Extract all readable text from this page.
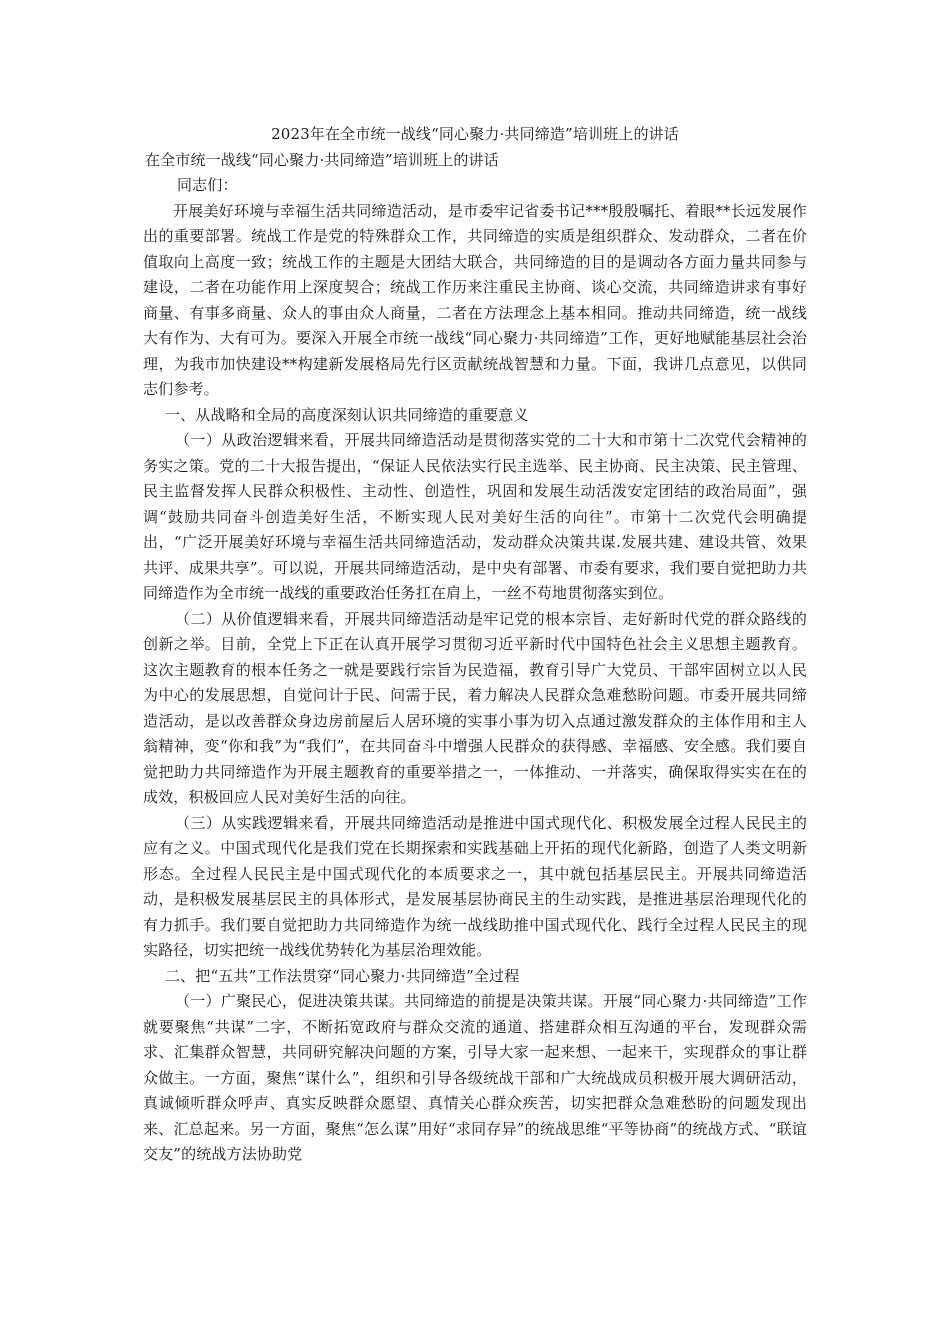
2023年在全市统一战线“同心聚力·共同缔造”培训班上的讲话

在全市统一战线“同心聚力·共同缔造”培训班上的讲话

同志们：

开展美好环境与幸福生活共同缔造活动，是市委牢记省委书记***殷殷嘱托、着眼**长远发展作出的重要部署。统战工作是党的特殊群众工作，共同缔造的实质是组织群众、发动群众，二者在价值取向上高度一致；统战工作的主题是大团结大联合，共同缔造的目的是调动各方面力量共同参与建设，二者在功能作用上深度契合；统战工作历来注重民主协商、谈心交流，共同缔造讲求有事好商量、有事多商量、众人的事由众人商量，二者在方法理念上基本相同。推动共同缔造，统一战线大有作为、大有可为。要深入开展全市统一战线“同心聚力·共同缔造”工作，更好地赋能基层社会治理，为我市加快建设**构建新发展格局先行区贡献统战智慧和力量。下面，我讲几点意见，以供同志们参考。

一、从战略和全局的高度深刻认识共同缔造的重要意义

（一）从政治逻辑来看，开展共同缔造活动是贯彻落实党的二十大和市第十二次党代会精神的务实之策。党的二十大报告提出，“保证人民依法实行民主选举、民主协商、民主决策、民主管理、民主监督发挥人民群众积极性、主动性、创造性，巩固和发展生动活泼安定团结的政治局面”，强调“鼓励共同奋斗创造美好生活，不断实现人民对美好生活的向往”。市第十二次党代会明确提出，“广泛开展美好环境与幸福生活共同缔造活动，发动群众决策共谋.发展共建、建设共管、效果共评、成果共享”。可以说，开展共同缔造活动，是中央有部署、市委有要求，我们要自觉把助力共同缔造作为全市统一战线的重要政治任务扛在肩上，一丝不苟地贯彻落实到位。

（二）从价值逻辑来看，开展共同缔造活动是牢记党的根本宗旨、走好新时代党的群众路线的创新之举。目前，全党上下正在认真开展学习贯彻习近平新时代中国特色社会主义思想主题教育。这次主题教育的根本任务之一就是要践行宗旨为民造福，教育引导广大党员、干部牢固树立以人民为中心的发展思想，自觉问计于民、问需于民，着力解决人民群众急难愁盼问题。市委开展共同缔造活动，是以改善群众身边房前屋后人居环境的实事小事为切入点通过激发群众的主体作用和主人翁精神，变“你和我”为“我们”，在共同奋斗中增强人民群众的获得感、幸福感、安全感。我们要自觉把助力共同缔造作为开展主题教育的重要举措之一，一体推动、一并落实，确保取得实实在在的成效，积极回应人民对美好生活的向往。

（三）从实践逻辑来看，开展共同缔造活动是推进中国式现代化、积极发展全过程人民民主的应有之义。中国式现代化是我们党在长期探索和实践基础上开拓的现代化新路，创造了人类文明新形态。全过程人民民主是中国式现代化的本质要求之一，其中就包括基层民主。开展共同缔造活动，是积极发展基层民主的具体形式，是发展基层协商民主的生动实践，是推进基层治理现代化的有力抓手。我们要自觉把助力共同缔造作为统一战线助推中国式现代化、践行全过程人民民主的现实路径，切实把统一战线优势转化为基层治理效能。

二、把“五共”工作法贯穿“同心聚力·共同缔造”全过程

（一）广聚民心，促进决策共谋。共同缔造的前提是决策共谋。开展“同心聚力·共同缔造”工作就要聚焦“共谋”二字，不断拓宽政府与群众交流的通道、搭建群众相互沟通的平台，发现群众需求、汇集群众智慧，共同研究解决问题的方案，引导大家一起来想、一起来干，实现群众的事让群众做主。一方面，聚焦“谋什么”，组织和引导各级统战干部和广大统战成员积极开展大调研活动，真诚倾听群众呼声、真实反映群众愿望、真情关心群众疾苦，切实把群众急难愁盼的问题发现出来、汇总起来。另一方面，聚焦“怎么谋”用好“求同存异”的统战思维“平等协商”的统战方式、“联谊交友”的统战方法协助党
